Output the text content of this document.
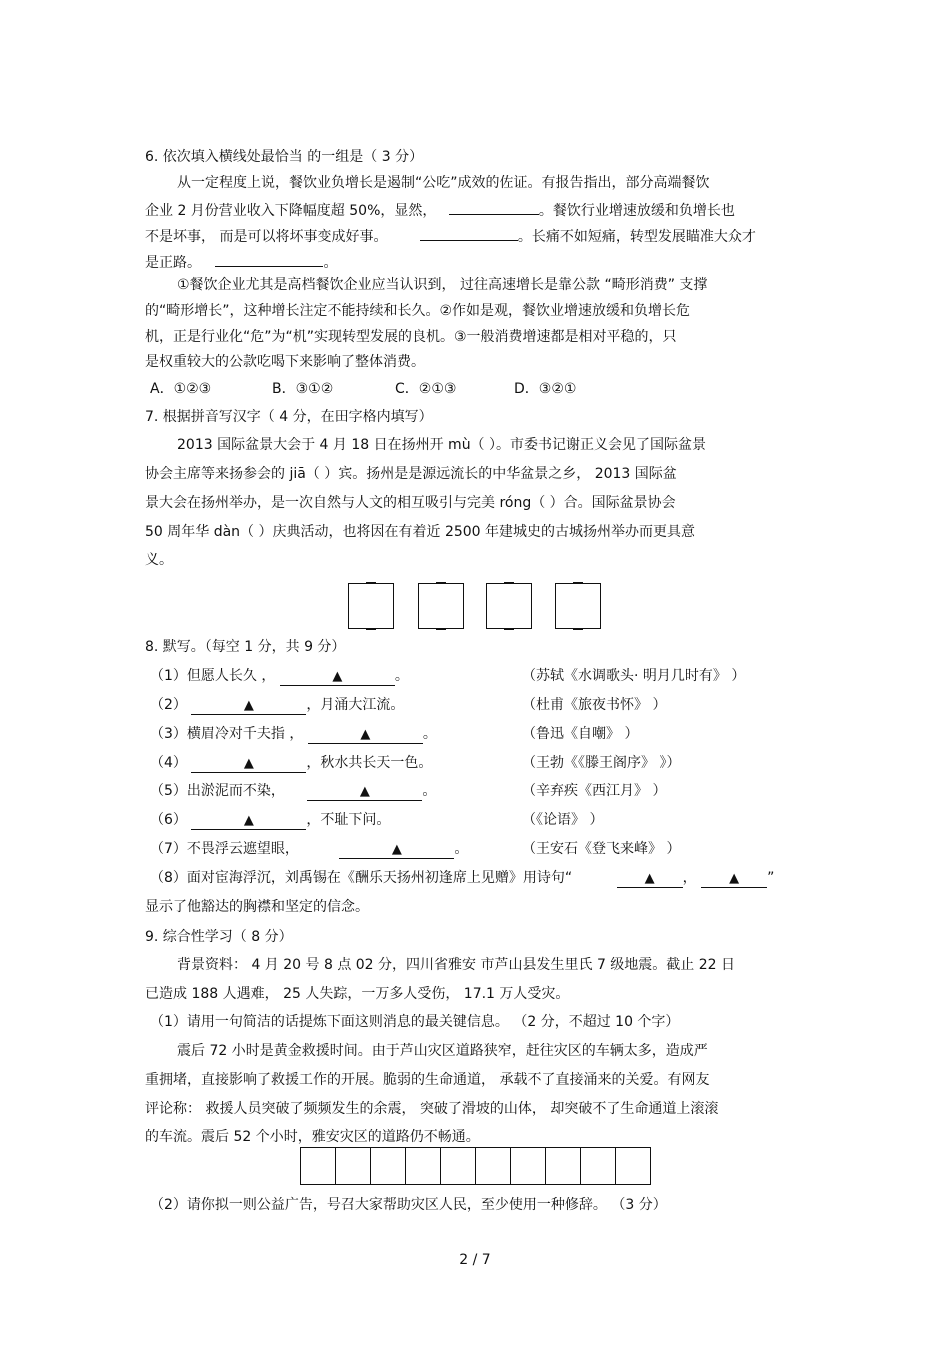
6. 依次填入横线处最恰当 的一组是（ 3 分）
从一定程度上说，餐饮业负增长是遏制“公吃”成效的佐证。有报告指出，部分高端餐饮
企业 2 月份营业收入下降幅度超 50%，显然，	。餐饮行业增速放缓和负增长也
不是坏事， 而是可以将坏事变成好事。	。长痛不如短痛，转型发展瞄准大众才
是正路。	。
①餐饮企业尤其是高档餐饮企业应当认识到， 过往高速增长是靠公款 “畸形消费” 支撑
的“畸形增长”，这种增长注定不能持续和长久。②作如是观，餐饮业增速放缓和负增长危
机，正是行业化“危”为“机”实现转型发展的良机。③一般消费增速都是相对平稳的，只
是权重较大的公款吃喝下来影响了整体消费。
A．①②③	B．③①②	C．②①③	D．③②①
7. 根据拼音写汉字（ 4 分，在田字格内填写）
2013 国际盆景大会于 4 月 18 日在扬州开 mù（ ）。市委书记谢正义会见了国际盆景
协会主席等来扬参会的 jiā（ ）宾。扬州是是源远流长的中华盆景之乡， 2013 国际盆
景大会在扬州举办，是一次自然与人文的相互吸引与完美 róng（ ）合。国际盆景协会
50 周年华 dàn（ ）庆典活动，也将因在有着近 2500 年建城史的古城扬州举办而更具意
义。
8. 默写。（每空 1 分，共 9 分）
（1）但愿人长久 ，	▲	。	（苏轼《水调歌头· 明月几时有》 ）
（2）	▲	，月涌大江流。	（杜甫《旅夜书怀》 ）
（3）横眉冷对千夫指 ，	▲	。	（鲁迅《自嘲》 ）
（4）	▲	，秋水共长天一色。	（王勃《《滕王阁序》 》）
（5）出淤泥而不染，	▲	。	（辛弃疾《西江月》 ）
（6）	▲	，不耻下问。	（《论语》 ）
（7）不畏浮云遮望眼，	▲	。	（王安石《登飞来峰》 ）
（8）面对宦海浮沉，刘禹锡在《酬乐天扬州初逢席上见赠》用诗句“	▲ ， ▲ ”
显示了他豁达的胸襟和坚定的信念。
9. 综合性学习（ 8 分）
背景资料： 4 月 20 号 8 点 02 分，四川省雅安 市芦山县发生里氏 7 级地震。截止 22 日
已造成 188 人遇难， 25 人失踪，一万多人受伤， 17.1 万人受灾。
（1）请用一句简洁的话提炼下面这则消息的最关键信息。 （2 分，不超过 10 个字）
震后 72 小时是黄金救援时间。由于芦山灾区道路狭窄，赶往灾区的车辆太多，造成严
重拥堵，直接影响了救援工作的开展。脆弱的生命通道， 承载不了直接涌来的关爱。有网友
评论称： 救援人员突破了频频发生的余震， 突破了滑坡的山体， 却突破不了生命通道上滚滚
的车流。震后 52 个小时，雅安灾区的道路仍不畅通。
（2）请你拟一则公益广告，号召大家帮助灾区人民，至少使用一种修辞。 （3 分）
2 / 7
